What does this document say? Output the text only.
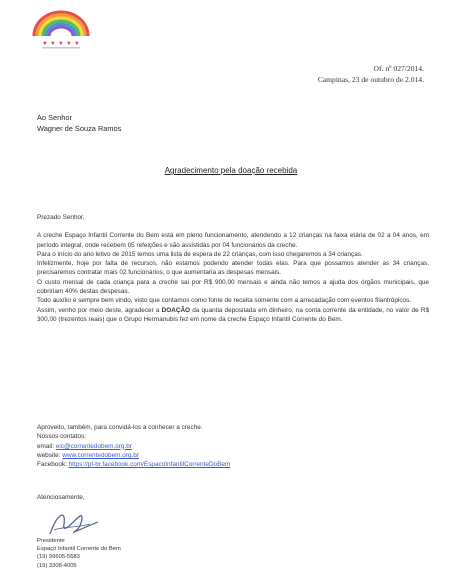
♥ ♥ ♥ ♥ ♥
Of. nº 027/2014.
Campinas, 23 de outubro de 2.014.
Ao Senhor
Wagner de Souza Ramos
Agradecimento pela doação recebida

Prezado Senhor,

A creche Espaço Infantil Corrente do Bem está em pleno funcionamento, atendendo a 12 crianças na faixa etária de 02 a 04 anos, em período integral, onde recebem 05 refeições e são assistidas por 04 funcionários da creche.

Para o início do ano letivo de 2015 temos uma lista de espera de 22 crianças, com isso chegaremos a 34 crianças.

Infelizmente, hoje por falta de recursos, não estamos podendo atender todas elas. Para que possamos atender as 34 crianças, precisaremos contratar mais 02 funcionários, o que aumentaria as despesas mensais.

O custo mensal de cada criança para a creche sai por R$ 900,00 mensais e ainda não temos a ajuda dos órgãos municipais, que cobririam 40% destas despesas.

Todo auxílio é sempre bem vindo, visto que contamos como fonte de receita somente com a arrecadação com eventos filantrópicos.

Assim, venho por meio deste, agradecer a DOAÇÃO da quantia depositada em dinheiro, na conta corrente da entidade, no valor de R$ 300,00 (trezentos reais) que o Grupo Hermanubis fez em nome da creche Espaço Infantil Corrente do Bem.

Aproveito, também, para convidá-los a conhecer a creche.
Nossos contatos:
email: eic@correntedobem.org.br
website: www.correntedobem.org.br
Facebook: https://pt-br.facebook.com/EspacoInfantilCorrenteDoBem
Atenciosamente,
Presidente
Espaço Infantil Corrente do Bem
(19) 99605-5683
(19) 3308-4005
